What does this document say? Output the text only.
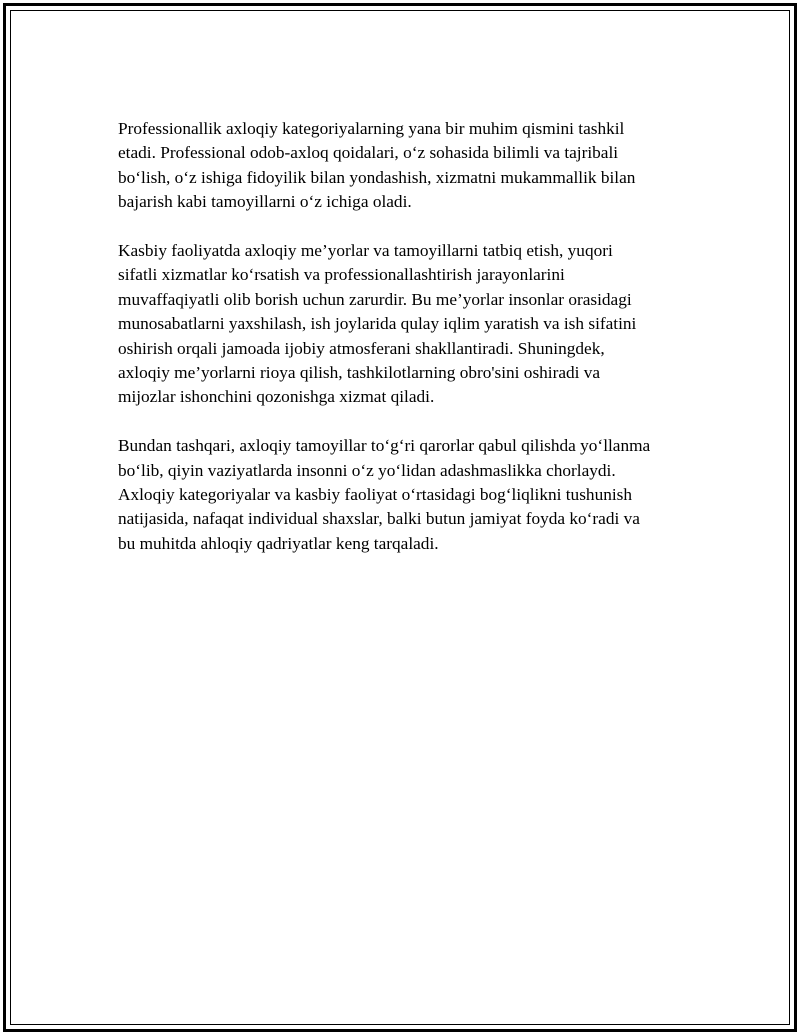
Professionallik axloqiy kategoriyalarning yana bir muhim qismini tashkil
etadi. Professional odob-axloq qoidalari, o‘z sohasida bilimli va tajribali
bo‘lish, o‘z ishiga fidoyilik bilan yondashish, xizmatni mukammallik bilan
bajarish kabi tamoyillarni o‘z ichiga oladi.

Kasbiy faoliyatda axloqiy me’yorlar va tamoyillarni tatbiq etish, yuqori
sifatli xizmatlar ko‘rsatish va professionallashtirish jarayonlarini
muvaffaqiyatli olib borish uchun zarurdir. Bu me’yorlar insonlar orasidagi
munosabatlarni yaxshilash, ish joylarida qulay iqlim yaratish va ish sifatini
oshirish orqali jamoada ijobiy atmosferani shakllantiradi. Shuningdek,
axloqiy me’yorlarni rioya qilish, tashkilotlarning obro'sini oshiradi va
mijozlar ishonchini qozonishga xizmat qiladi.

Bundan tashqari, axloqiy tamoyillar to‘g‘ri qarorlar qabul qilishda yo‘llanma
bo‘lib, qiyin vaziyatlarda insonni o‘z yo‘lidan adashmaslikka chorlaydi.
Axloqiy kategoriyalar va kasbiy faoliyat o‘rtasidagi bog‘liqlikni tushunish
natijasida, nafaqat individual shaxslar, balki butun jamiyat foyda ko‘radi va
bu muhitda ahloqiy qadriyatlar keng tarqaladi.
